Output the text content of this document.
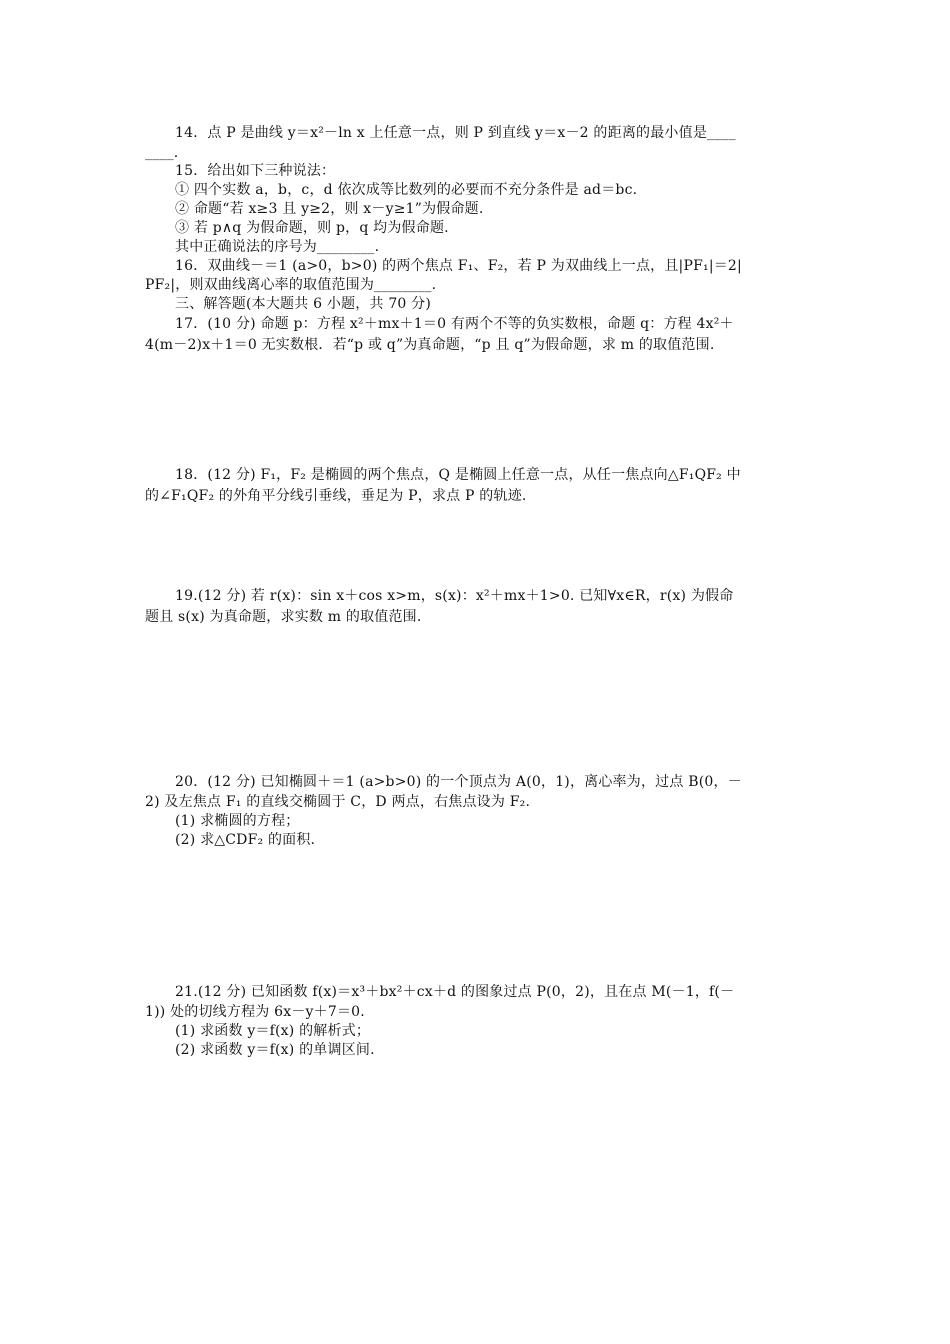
14．点 P 是曲线 y＝x²－ln x 上任意一点，则 P 到直线 y＝x－2 的距离的最小值是____
____.
15．给出如下三种说法：
① 四个实数 a，b，c，d 依次成等比数列的必要而不充分条件是 ad＝bc.
② 命题“若 x≥3 且 y≥2，则 x－y≥1”为假命题.
③ 若 p∧q 为假命题，则 p，q 均为假命题.
其中正确说法的序号为________.
16．双曲线－＝1 (a>0，b>0) 的两个焦点 F₁、F₂，若 P 为双曲线上一点，且|PF₁|＝2|
PF₂|，则双曲线离心率的取值范围为________.
三、解答题(本大题共 6 小题，共 70 分)
17．(10 分) 命题 p：方程 x²＋mx＋1＝0 有两个不等的负实数根，命题 q：方程 4x²＋
4(m－2)x＋1＝0 无实数根．若“p 或 q”为真命题，“p 且 q”为假命题，求 m 的取值范围.
18．(12 分) F₁，F₂ 是椭圆的两个焦点，Q 是椭圆上任意一点，从任一焦点向△F₁QF₂ 中
的∠F₁QF₂ 的外角平分线引垂线，垂足为 P，求点 P 的轨迹.
19.(12 分) 若 r(x)：sin x＋cos x>m，s(x)：x²＋mx＋1>0. 已知∀x∈R，r(x) 为假命
题且 s(x) 为真命题，求实数 m 的取值范围.
20．(12 分) 已知椭圆＋＝1 (a>b>0) 的一个顶点为 A(0，1)，离心率为，过点 B(0，－
2) 及左焦点 F₁ 的直线交椭圆于 C，D 两点，右焦点设为 F₂.
(1) 求椭圆的方程；
(2) 求△CDF₂ 的面积.
21.(12 分) 已知函数 f(x)＝x³＋bx²＋cx＋d 的图象过点 P(0，2)，且在点 M(－1，f(－
1)) 处的切线方程为 6x－y＋7＝0.
(1) 求函数 y＝f(x) 的解析式；
(2) 求函数 y＝f(x) 的单调区间.
